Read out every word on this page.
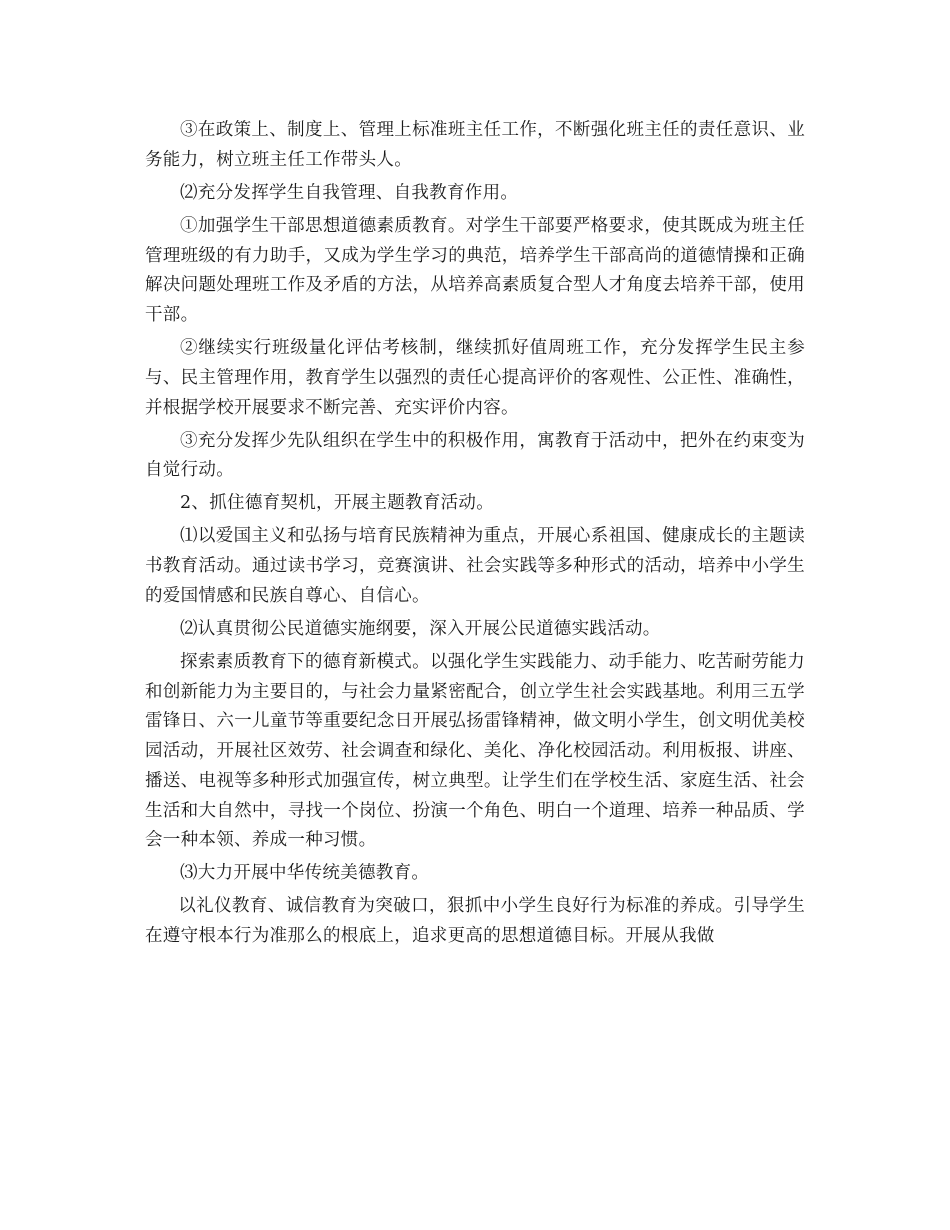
③在政策上、制度上、管理上标准班主任工作，不断强化班主任的责任意识、业务能力，树立班主任工作带头人。

⑵充分发挥学生自我管理、自我教育作用。

①加强学生干部思想道德素质教育。对学生干部要严格要求，使其既成为班主任管理班级的有力助手，又成为学生学习的典范，培养学生干部高尚的道德情操和正确解决问题处理班工作及矛盾的方法，从培养高素质复合型人才角度去培养干部，使用干部。

②继续实行班级量化评估考核制，继续抓好值周班工作，充分发挥学生民主参与、民主管理作用，教育学生以强烈的责任心提高评价的客观性、公正性、准确性，并根据学校开展要求不断完善、充实评价内容。

③充分发挥少先队组织在学生中的积极作用，寓教育于活动中，把外在约束变为自觉行动。

2、抓住德育契机，开展主题教育活动。

⑴以爱国主义和弘扬与培育民族精神为重点，开展心系祖国、健康成长的主题读书教育活动。通过读书学习，竞赛演讲、社会实践等多种形式的活动，培养中小学生的爱国情感和民族自尊心、自信心。

⑵认真贯彻公民道德实施纲要，深入开展公民道德实践活动。

探索素质教育下的德育新模式。以强化学生实践能力、动手能力、吃苦耐劳能力和创新能力为主要目的，与社会力量紧密配合，创立学生社会实践基地。利用三五学雷锋日、六一儿童节等重要纪念日开展弘扬雷锋精神，做文明小学生，创文明优美校园活动，开展社区效劳、社会调查和绿化、美化、净化校园活动。利用板报、讲座、播送、电视等多种形式加强宣传，树立典型。让学生们在学校生活、家庭生活、社会生活和大自然中，寻找一个岗位、扮演一个角色、明白一个道理、培养一种品质、学会一种本领、养成一种习惯。

⑶大力开展中华传统美德教育。

以礼仪教育、诚信教育为突破口，狠抓中小学生良好行为标准的养成。引导学生在遵守根本行为准那么的根底上，追求更高的思想道德目标。开展从我做
